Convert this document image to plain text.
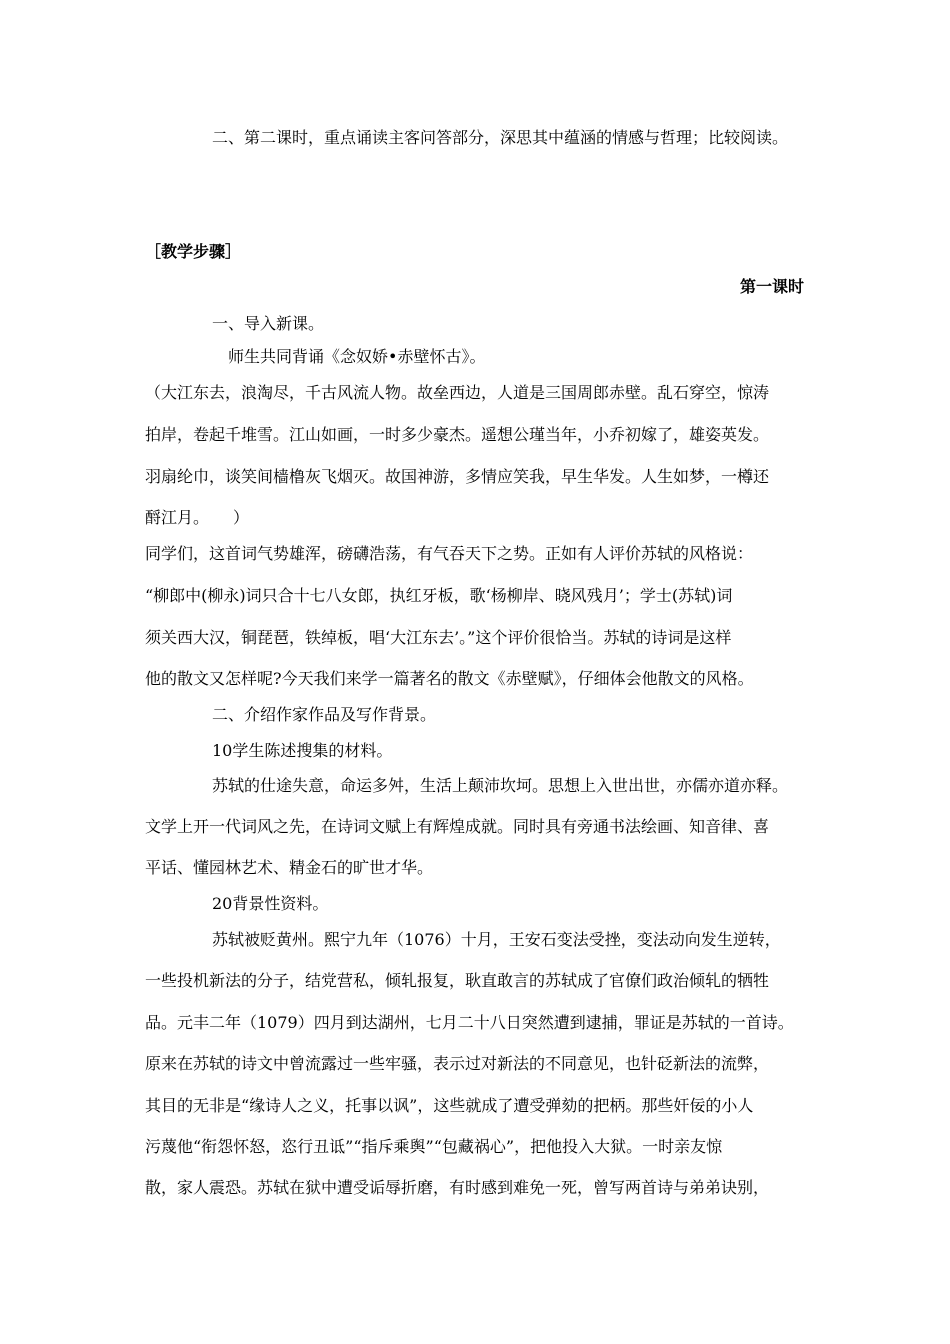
二、第二课时，重点诵读主客问答部分，深思其中蕴涵的情感与哲理；比较阅读。
［教学步骤］
第一课时
一、导入新课。
师生共同背诵《念奴娇•赤壁怀古》。
（大江东去，浪淘尽，千古风流人物。故垒西边，人道是三国周郎赤壁。乱石穿空，惊涛
拍岸，卷起千堆雪。江山如画，一时多少豪杰。遥想公瑾当年，小乔初嫁了，雄姿英发。
羽扇纶巾，谈笑间樯橹灰飞烟灭。故国神游，多情应笑我，早生华发。人生如梦，一樽还
酹江月。　　）
同学们，这首词气势雄浑，磅礴浩荡，有气吞天下之势。正如有人评价苏轼的风格说：
“柳郎中(柳永)词只合十七八女郎，执红牙板，歌‘杨柳岸、晓风残月’；学士(苏轼)词
须关西大汉，铜琵琶，铁绰板，唱‘大江东去’。”这个评价很恰当。苏轼的诗词是这样
他的散文又怎样呢?今天我们来学一篇著名的散文《赤壁赋》，仔细体会他散文的风格。
二、介绍作家作品及写作背景。
10学生陈述搜集的材料。
苏轼的仕途失意，命运多舛，生活上颠沛坎坷。思想上入世出世，亦儒亦道亦释。
文学上开一代词风之先，在诗词文赋上有辉煌成就。同时具有旁通书法绘画、知音律、喜
平话、懂园林艺术、精金石的旷世才华。
20背景性资料。
苏轼被贬黄州。熙宁九年（1076）十月，王安石变法受挫，变法动向发生逆转，
一些投机新法的分子，结党营私，倾轧报复，耿直敢言的苏轼成了官僚们政治倾轧的牺牲
品。元丰二年（1079）四月到达湖州，七月二十八日突然遭到逮捕，罪证是苏轼的一首诗。
原来在苏轼的诗文中曾流露过一些牢骚，表示过对新法的不同意见，也针砭新法的流弊，
其目的无非是“缘诗人之义，托事以讽”，这些就成了遭受弹劾的把柄。那些奸佞的小人
污蔑他“衔怨怀怒，恣行丑诋”“指斥乘舆”“包藏祸心”，把他投入大狱。一时亲友惊
散，家人震恐。苏轼在狱中遭受诟辱折磨，有时感到难免一死，曾写两首诗与弟弟诀别，
